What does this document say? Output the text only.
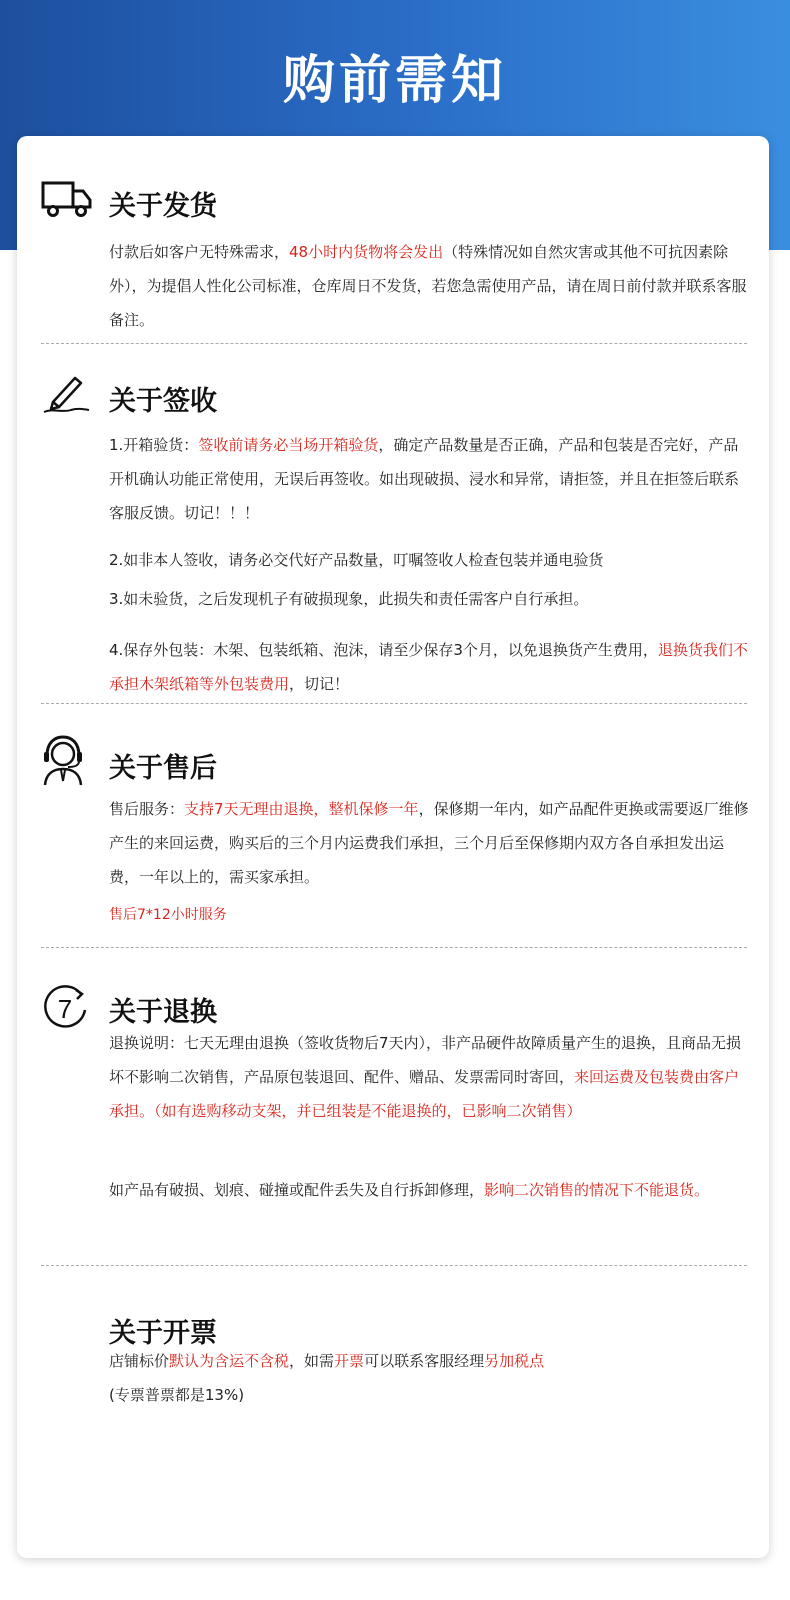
购前需知
关于发货
付款后如客户无特殊需求，48小时内货物将会发出（特殊情况如自然灾害或其他不可抗因素除外），为提倡人性化公司标准，仓库周日不发货，若您急需使用产品，请在周日前付款并联系客服备注。
关于签收
1.开箱验货：签收前请务必当场开箱验货，确定产品数量是否正确，产品和包装是否完好，产品开机确认功能正常使用，无误后再签收。如出现破损、浸水和异常，请拒签，并且在拒签后联系客服反馈。切记！！！
2.如非本人签收，请务必交代好产品数量，叮嘱签收人检查包装并通电验货
3.如未验货，之后发现机子有破损现象，此损失和责任需客户自行承担。
4.保存外包装：木架、包装纸箱、泡沫，请至少保存3个月，以免退换货产生费用，退换货我们不承担木架纸箱等外包装费用，切记！
关于售后
售后服务：支持7天无理由退换，整机保修一年，保修期一年内，如产品配件更换或需要返厂维修产生的来回运费，购买后的三个月内运费我们承担，三个月后至保修期内双方各自承担发出运费，一年以上的，需买家承担。
售后7*12小时服务
7 关于退换
退换说明：七天无理由退换（签收货物后7天内），非产品硬件故障质量产生的退换，且商品无损坏不影响二次销售，产品原包装退回、配件、赠品、发票需同时寄回，来回运费及包装费由客户承担。（如有选购移动支架，并已组装是不能退换的，已影响二次销售）
如产品有破损、划痕、碰撞或配件丢失及自行拆卸修理，影响二次销售的情况下不能退货。
关于开票
店铺标价默认为含运不含税，如需开票可以联系客服经理另加税点
(专票普票都是13%)
